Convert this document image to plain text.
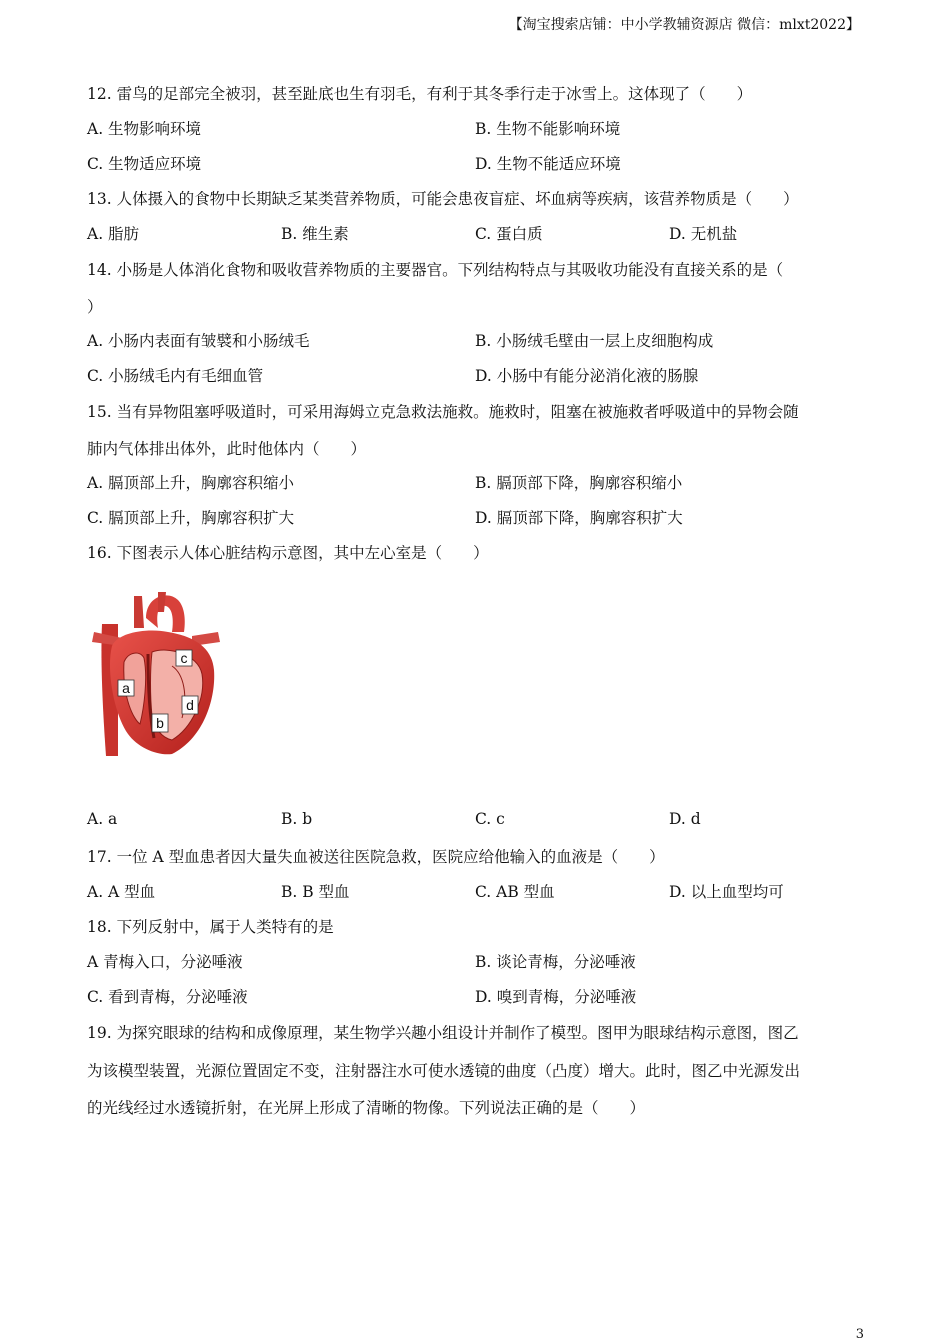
【淘宝搜索店铺：中小学教辅资源店 微信：mlxt2022】
12. 雷鸟的足部完全被羽，甚至趾底也生有羽毛，有利于其冬季行走于冰雪上。这体现了（　　）
A. 生物影响环境	B. 生物不能影响环境
C. 生物适应环境	D. 生物不能适应环境
13. 人体摄入的食物中长期缺乏某类营养物质，可能会患夜盲症、坏血病等疾病，该营养物质是（　　）
A. 脂肪	B. 维生素	C. 蛋白质	D. 无机盐
14. 小肠是人体消化食物和吸收营养物质的主要器官。下列结构特点与其吸收功能没有直接关系的是（
）
A. 小肠内表面有皱襞和小肠绒毛	B. 小肠绒毛壁由一层上皮细胞构成
C. 小肠绒毛内有毛细血管	D. 小肠中有能分泌消化液的肠腺
15. 当有异物阻塞呼吸道时，可采用海姆立克急救法施救。施救时，阻塞在被施救者呼吸道中的异物会随
肺内气体排出体外，此时他体内（　　）
A. 膈顶部上升，胸廓容积缩小	B. 膈顶部下降，胸廓容积缩小
C. 膈顶部上升，胸廓容积扩大	D. 膈顶部下降，胸廓容积扩大
16. 下图表示人体心脏结构示意图，其中左心室是（　　）
a
b
c
d
A. a	B. b	C. c	D. d
17. 一位 A 型血患者因大量失血被送往医院急救，医院应给他输入的血液是（　　）
A. A 型血	B. B 型血	C. AB 型血	D. 以上血型均可
18. 下列反射中，属于人类特有的是
A 青梅入口，分泌唾液	B. 谈论青梅，分泌唾液
C. 看到青梅，分泌唾液	D. 嗅到青梅，分泌唾液
19. 为探究眼球的结构和成像原理，某生物学兴趣小组设计并制作了模型。图甲为眼球结构示意图，图乙
为该模型装置，光源位置固定不变，注射器注水可使水透镜的曲度（凸度）增大。此时，图乙中光源发出
的光线经过水透镜折射，在光屏上形成了清晰的物像。下列说法正确的是（　　）
3
